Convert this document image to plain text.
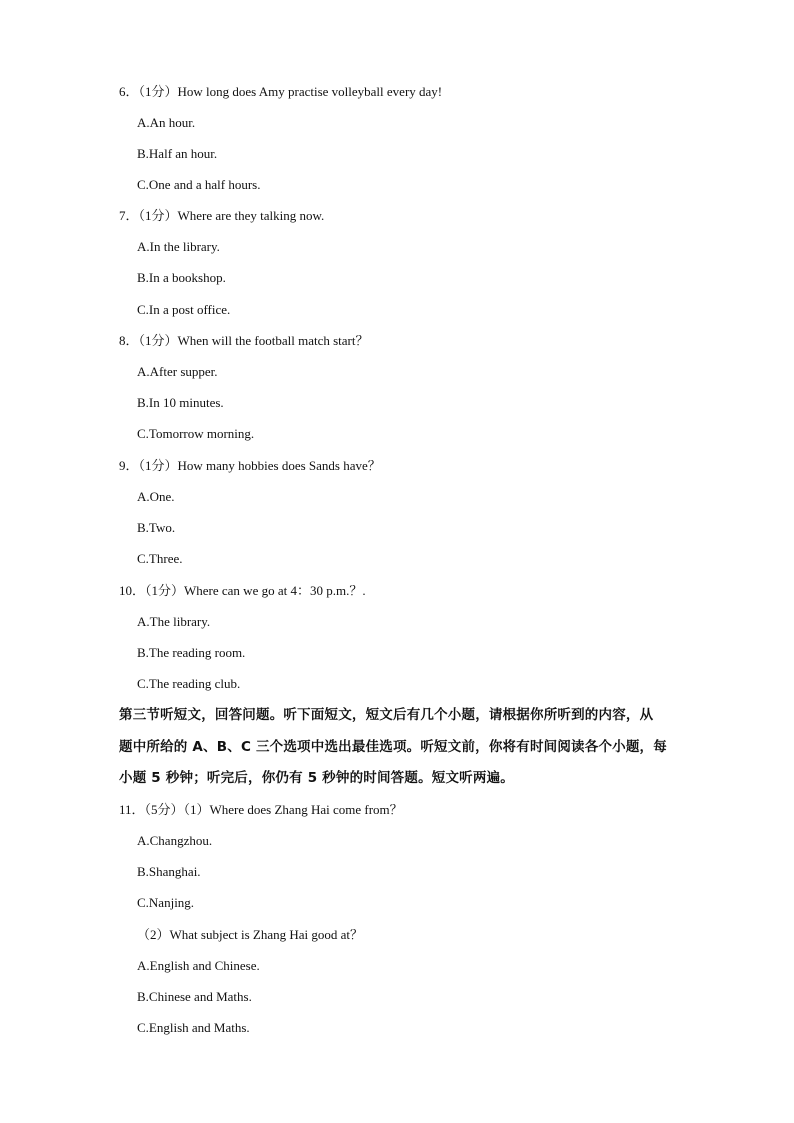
6．（1分）How long does Amy practise volleyball every day!
A.An hour.
B.Half an hour.
C.One and a half hours.
7．（1分）Where are they talking now.
A.In the library.
B.In a bookshop.
C.In a post office.
8．（1分）When will the football match start？
A.After supper.
B.In 10 minutes.
C.Tomorrow morning.
9．（1分）How many hobbies does Sands have？
A.One.
B.Two.
C.Three.
10．（1分）Where can we go at 4：30 p.m.？.
A.The library.
B.The reading room.
C.The reading club.
第三节听短文，回答问题。听下面短文，短文后有几个小题，请根据你所听到的内容，从
题中所给的 A、B、C 三个选项中选出最佳选项。听短文前，你将有时间阅读各个小题，每
小题 5 秒钟；听完后，你仍有 5 秒钟的时间答题。短文听两遍。
11．（5分）（1）Where does Zhang Hai come from？
A.Changzhou.
B.Shanghai.
C.Nanjing.
（2）What subject is Zhang Hai good at？
A.English and Chinese.
B.Chinese and Maths.
C.English and Maths.
